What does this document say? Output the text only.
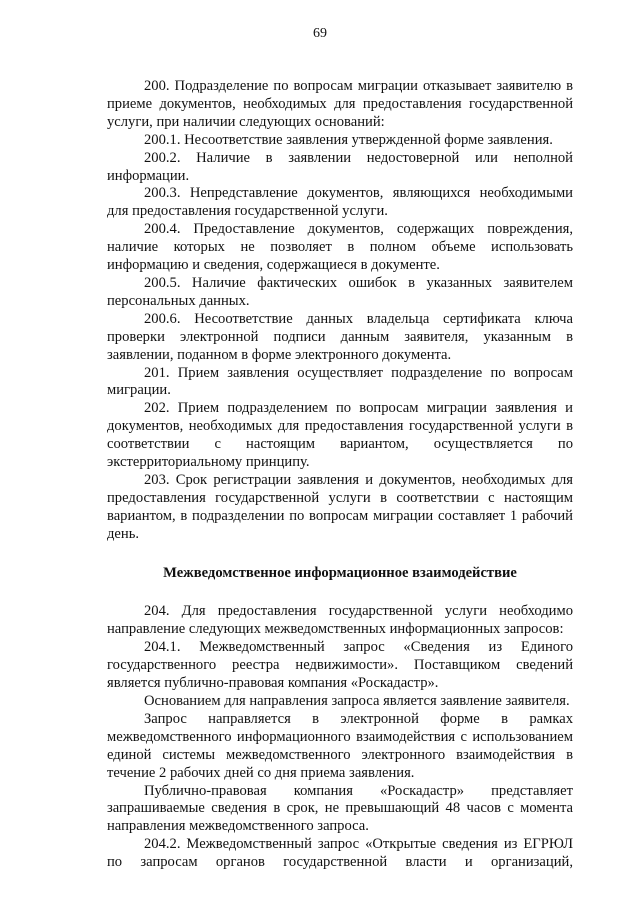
69

200. Подразделение по вопросам миграции отказывает заявителю в приеме документов, необходимых для предоставления государственной услуги, при наличии следующих оснований:

200.1. Несоответствие заявления утвержденной форме заявления.

200.2. Наличие в заявлении недостоверной или неполной информации.

200.3. Непредставление документов, являющихся необходимыми для предоставления государственной услуги.

200.4. Предоставление документов, содержащих повреждения, наличие которых не позволяет в полном объеме использовать информацию и сведения, содержащиеся в документе.

200.5. Наличие фактических ошибок в указанных заявителем персональных данных.

200.6. Несоответствие данных владельца сертификата ключа проверки электронной подписи данным заявителя, указанным в заявлении, поданном в форме электронного документа.

201. Прием заявления осуществляет подразделение по вопросам миграции.

202. Прием подразделением по вопросам миграции заявления и документов, необходимых для предоставления государственной услуги в соответствии с настоящим вариантом, осуществляется по экстерриториальному принципу.

203. Срок регистрации заявления и документов, необходимых для предоставления государственной услуги в соответствии с настоящим вариантом, в подразделении по вопросам миграции составляет 1 рабочий день.

Межведомственное информационное взаимодействие

204. Для предоставления государственной услуги необходимо направление следующих межведомственных информационных запросов:

204.1. Межведомственный запрос «Сведения из Единого государственного реестра недвижимости». Поставщиком сведений является публично-правовая компания «Роскадастр».

Основанием для направления запроса является заявление заявителя.

Запрос направляется в электронной форме в рамках межведомственного информационного взаимодействия с использованием единой системы межведомственного электронного взаимодействия в течение 2 рабочих дней со дня приема заявления.

Публично-правовая компания «Роскадастр» представляет запрашиваемые сведения в срок, не превышающий 48 часов с момента направления межведомственного запроса.

204.2. Межведомственный запрос «Открытые сведения из ЕГРЮЛ по запросам органов государственной власти и организаций,
